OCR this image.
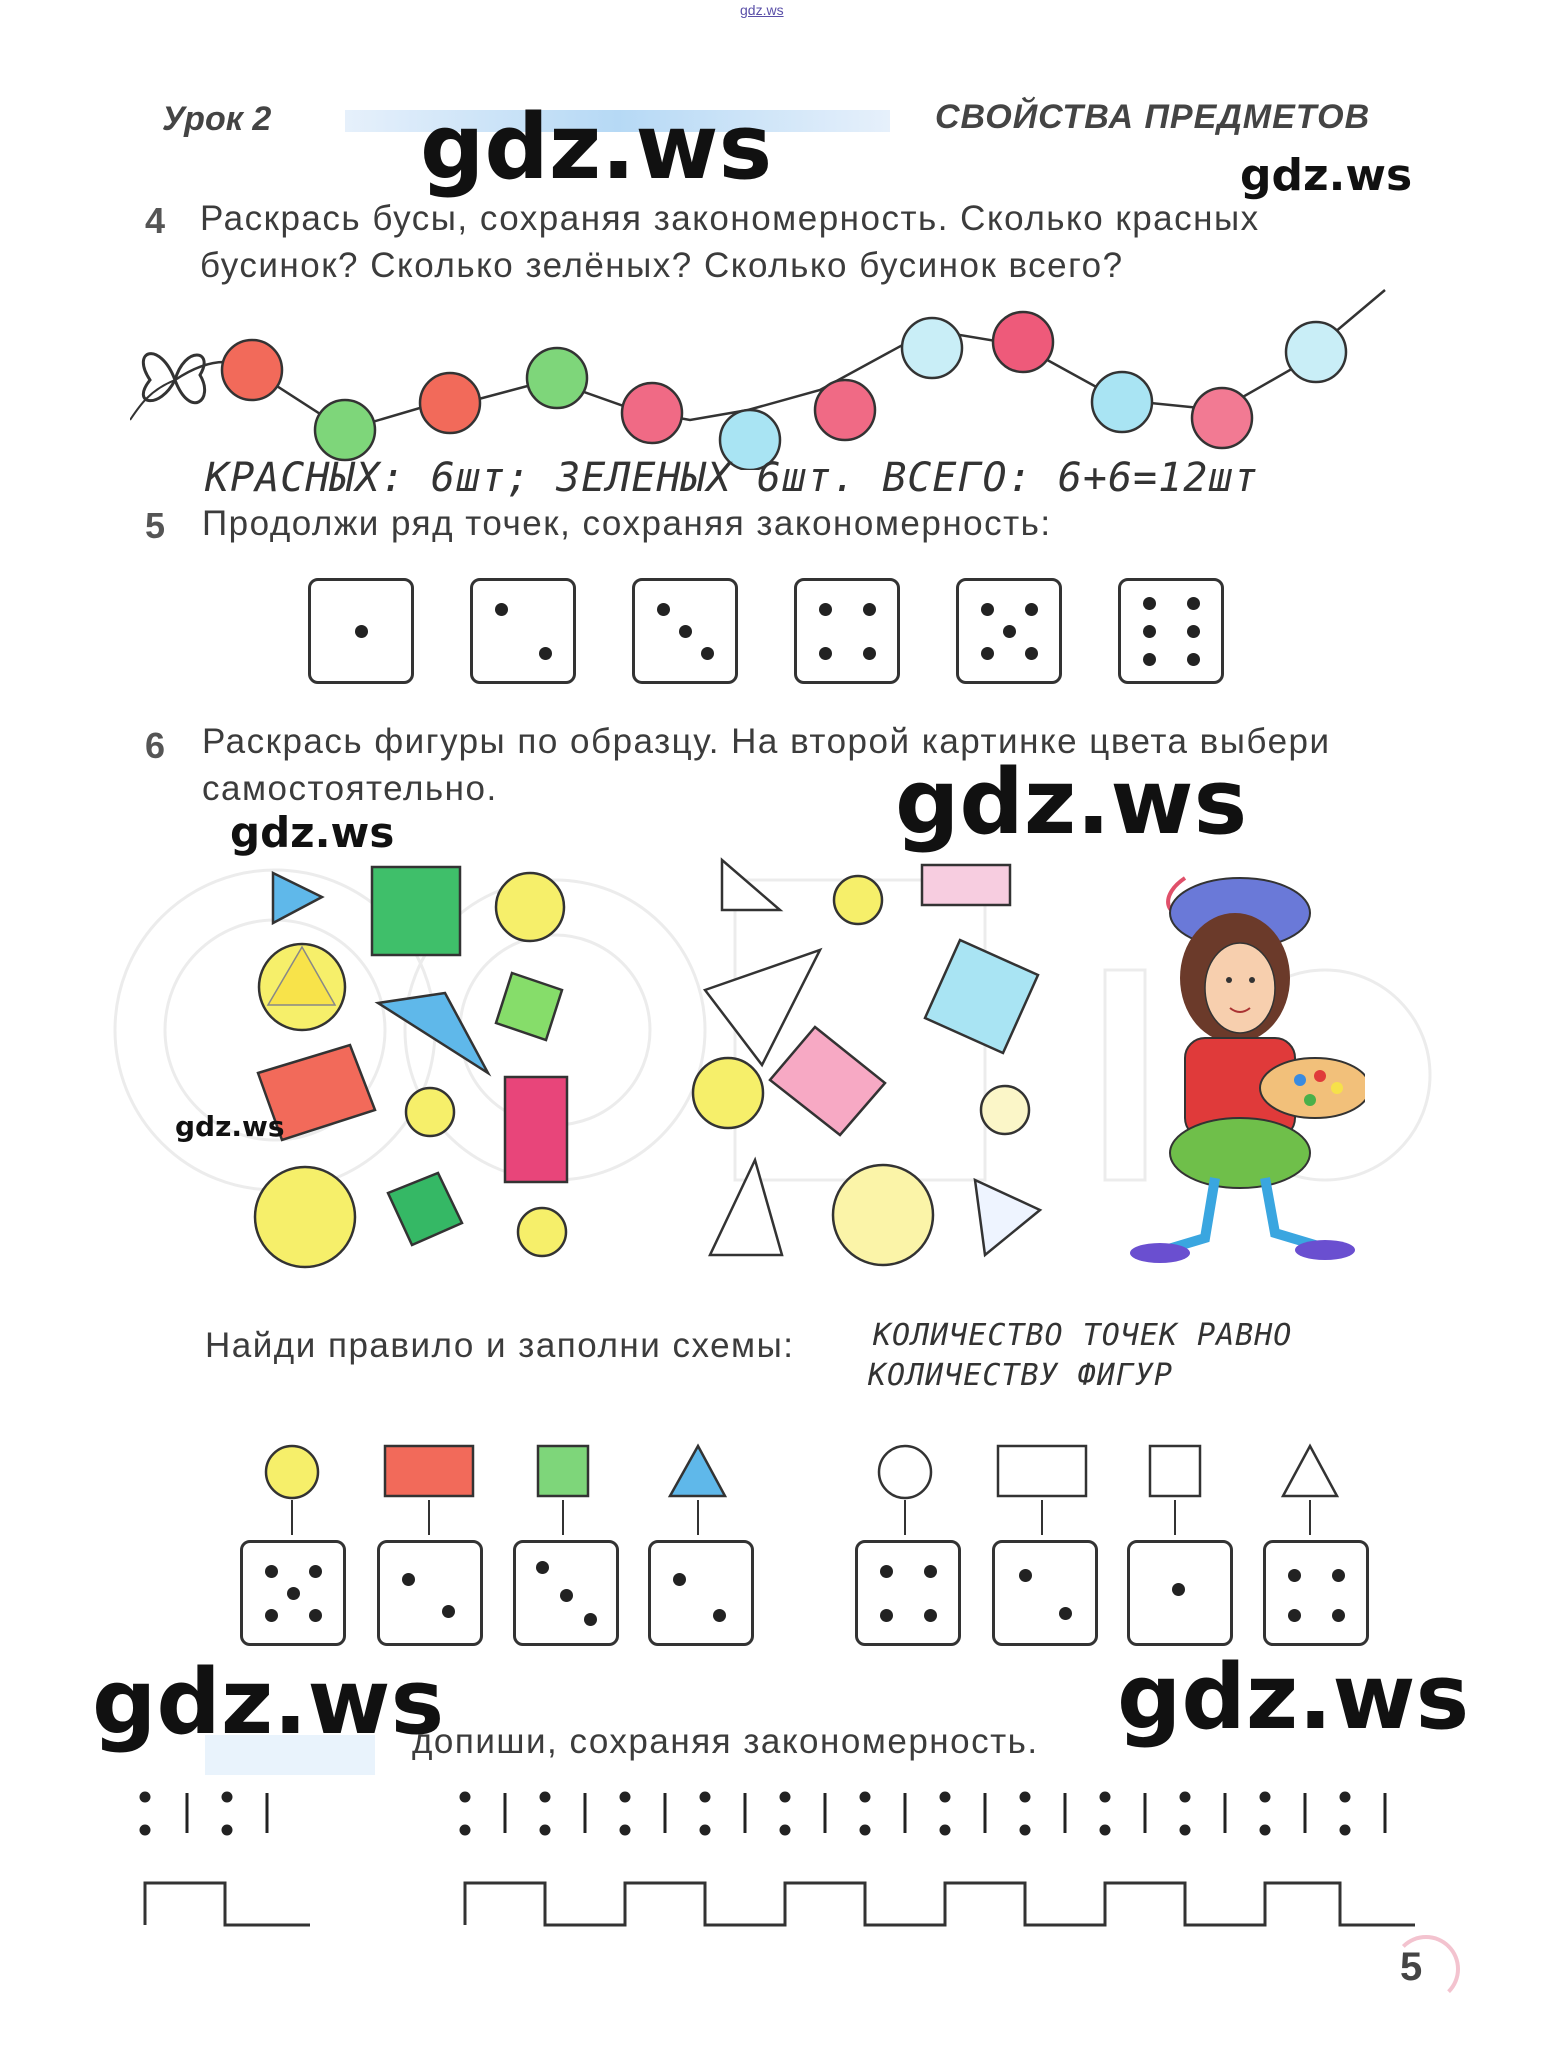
gdz.ws
Урок 2	СВОЙСТВА ПРЕДМЕТОВ
4 Раскрась бусы, сохраняя закономерность. Сколько красных
бусинок? Сколько зелёных? Сколько бусинок всего?
КРАСНЫХ: 6шт; ЗЕЛЕНЫХ 6шт. ВСЕГО: 6+6=12шт
5 Продолжи ряд точек, сохраняя закономерность:
6 Раскрась фигуры по образцу. На второй картинке цвета выбери
самостоятельно.
Найди правило и заполни схемы:	КОЛИЧЕСТВО ТОЧЕК РАВНО
КОЛИЧЕСТВУ ФИГУР
допиши, сохраняя закономерность.
5
gdz.ws	gdz.ws
gdz.ws
gdz.ws
gdz.ws
gdz.ws	gdz.ws
